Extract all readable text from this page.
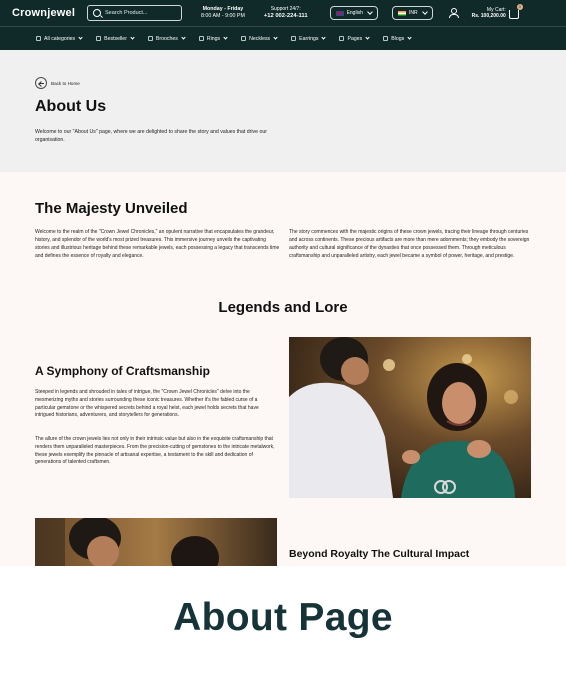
Crownjewel
Search Product...	Monday - Friday
8:00 AM - 9:00 PM
Support 24/7:
+12 002-224-111	English	INR	My Cart:
Rs. 100,200.00
0
All categories	Bestseller	Brooches	Rings	Neckless	Earrings	Pages	Blogs
Back to Home
About Us

Welcome to our "About Us" page, where we are delighted to share the story and values that drive our organisation.

The Majesty Unveiled

Welcome to the realm of the "Crown Jewel Chronicles," an opulent narrative that encapsulates the grandeur, history, and splendor of the world's most prized treasures. This immersive journey unveils the captivating stories and illustrious heritage behind these remarkable jewels, each possessing a legacy that transcends time and defines the essence of royalty and elegance.

The story commences with the majestic origins of these crown jewels, tracing their lineage through centuries and across continents. These precious artifacts are more than mere adornments; they embody the sovereign authority and cultural significance of the dynasties that once possessed them. Through meticulous craftsmanship and unparalleled artistry, each jewel became a symbol of power, heritage, and prestige.

Legends and Lore
A Symphony of Craftsmanship

Steeped in legends and shrouded in tales of intrigue, the "Crown Jewel Chronicles" delve into the mesmerizing myths and stories surrounding these iconic treasures. Whether it's the fabled curse of a particular gemstone or the whispered secrets behind a royal heist, each jewel holds secrets that have intrigued historians, adventurers, and storytellers for generations.

The allure of the crown jewels lies not only in their intrinsic value but also in the exquisite craftsmanship that renders them unparalleled masterpieces. From the precision-cutting of gemstones to the intricate metalwork, these jewels exemplify the pinnacle of artisanal expertise, a testament to the skill and dedication of generations of talented craftsmen.

Beyond Royalty The Cultural Impact
About Page
